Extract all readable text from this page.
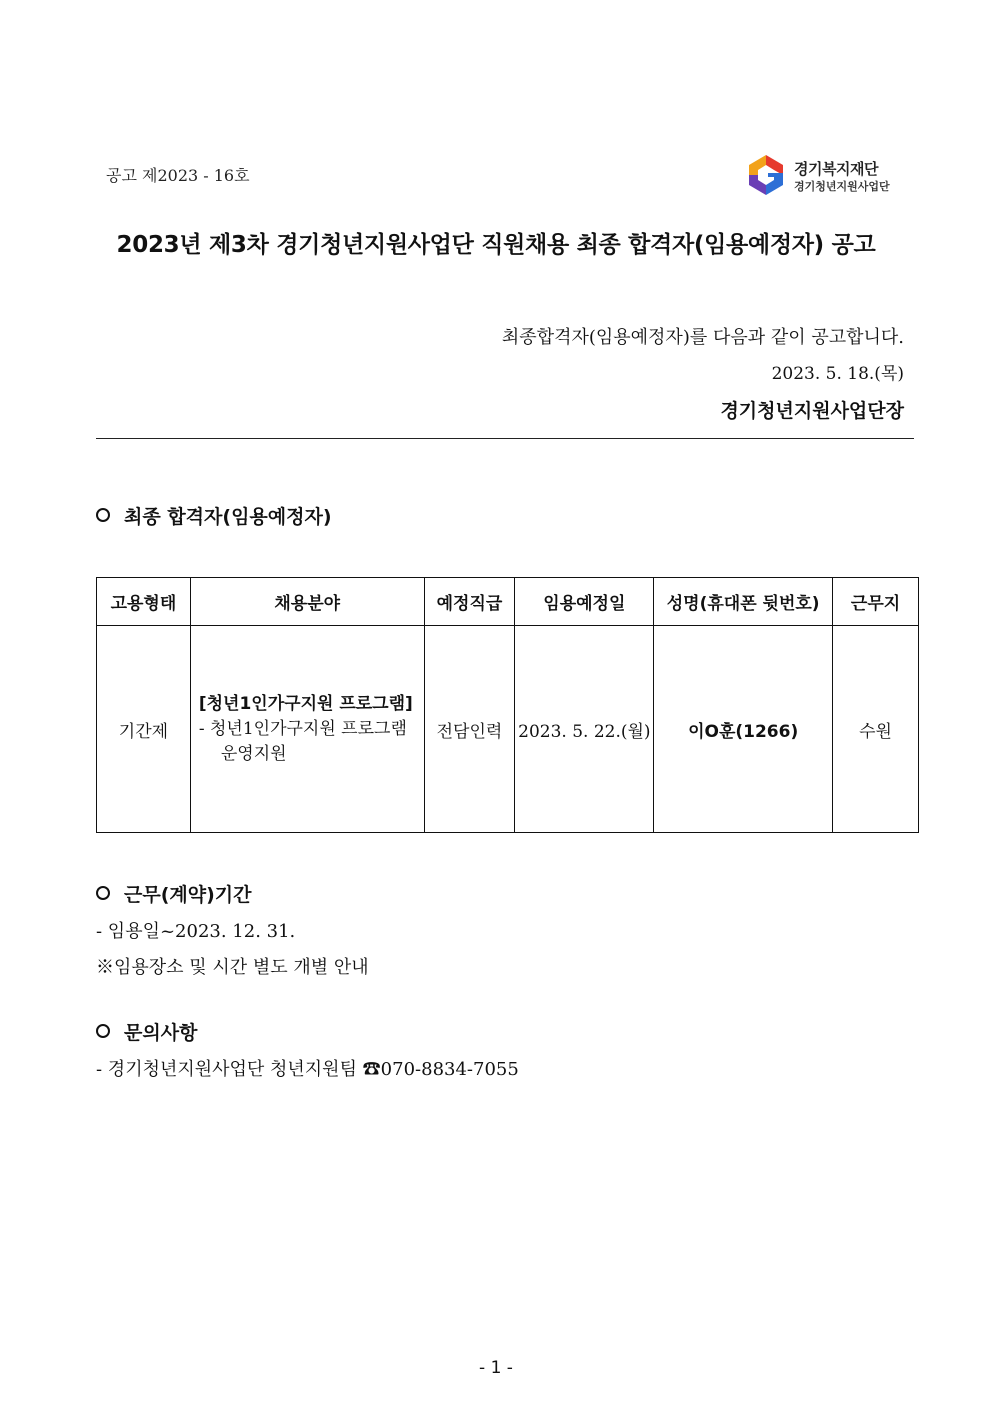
공고 제2023 - 16호	경기복지재단
경기청년지원사업단
2023년 제3차 경기청년지원사업단 직원채용 최종 합격자(임용예정자) 공고
최종합격자(임용예정자)를 다음과 같이 공고합니다.
2023. 5. 18.(목)
경기청년지원사업단장
최종 합격자(임용예정자)
고용형태	채용분야	예정직급	임용예정일	성명(휴대폰 뒷번호)	근무지
기간제	[청년1인가구지원 프로그램]
- 청년1인가구지원 프로그램
운영지원	전담인력	2023. 5. 22.(월)	이O훈(1266)	수원
근무(계약)기간
- 임용일~2023. 12. 31.
※임용장소 및 시간 별도 개별 안내
문의사항
- 경기청년지원사업단 청년지원팀 ☎070-8834-7055
- 1 -
